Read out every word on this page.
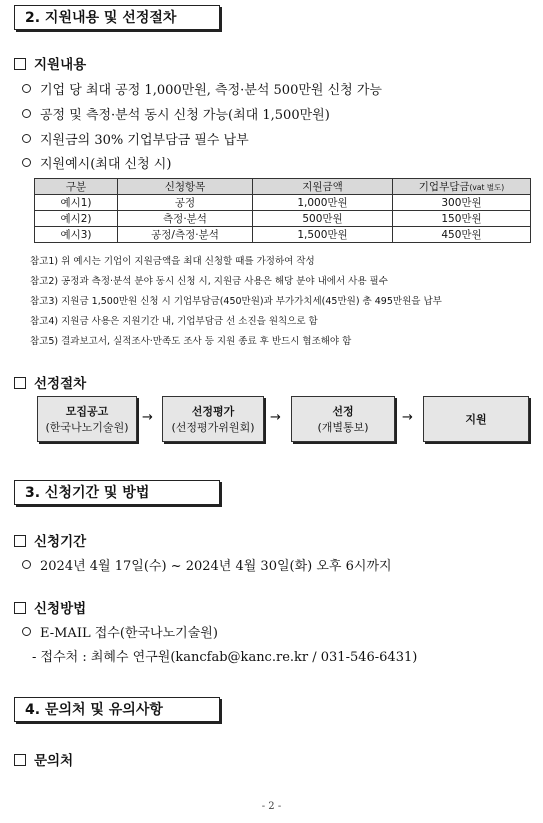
2. 지원내용 및 선정절차
지원내용
기업 당 최대 공정 1,000만원, 측정·분석 500만원 신청 가능
공정 및 측정·분석 동시 신청 가능(최대 1,500만원)
지원금의 30% 기업부담금 필수 납부
지원예시(최대 신청 시)
구분	신청항목	지원금액	기업부담금(vat 별도)
예시1)	공정	1,000만원	300만원
예시2)	측정·분석	500만원	150만원
예시3)	공정/측정·분석	1,500만원	450만원
참고1) 위 예시는 기업이 지원금액을 최대 신청할 때를 가정하여 작성
참고2) 공정과 측정·분석 분야 동시 신청 시, 지원금 사용은 해당 분야 내에서 사용 필수
참고3) 지원금 1,500만원 신청 시 기업부담금(450만원)과 부가가치세(45만원) 총 495만원을 납부
참고4) 지원금 사용은 지원기간 내, 기업부담금 선 소진을 원칙으로 함
참고5) 결과보고서, 실적조사·만족도 조사 등 지원 종료 후 반드시 협조해야 함
선정절차
모집공고
(한국나노기술원)
→	선정평가
(선정평가위원회)
→	선정
(개별통보)
→	지원
3. 신청기간 및 방법
신청기간
2024년 4월 17일(수) ~ 2024년 4월 30일(화) 오후 6시까지
신청방법
E-MAIL 접수(한국나노기술원)
- 접수처 : 최혜수 연구원(kancfab@kanc.re.kr / 031-546-6431)
4. 문의처 및 유의사항
문의처
- 2 -
